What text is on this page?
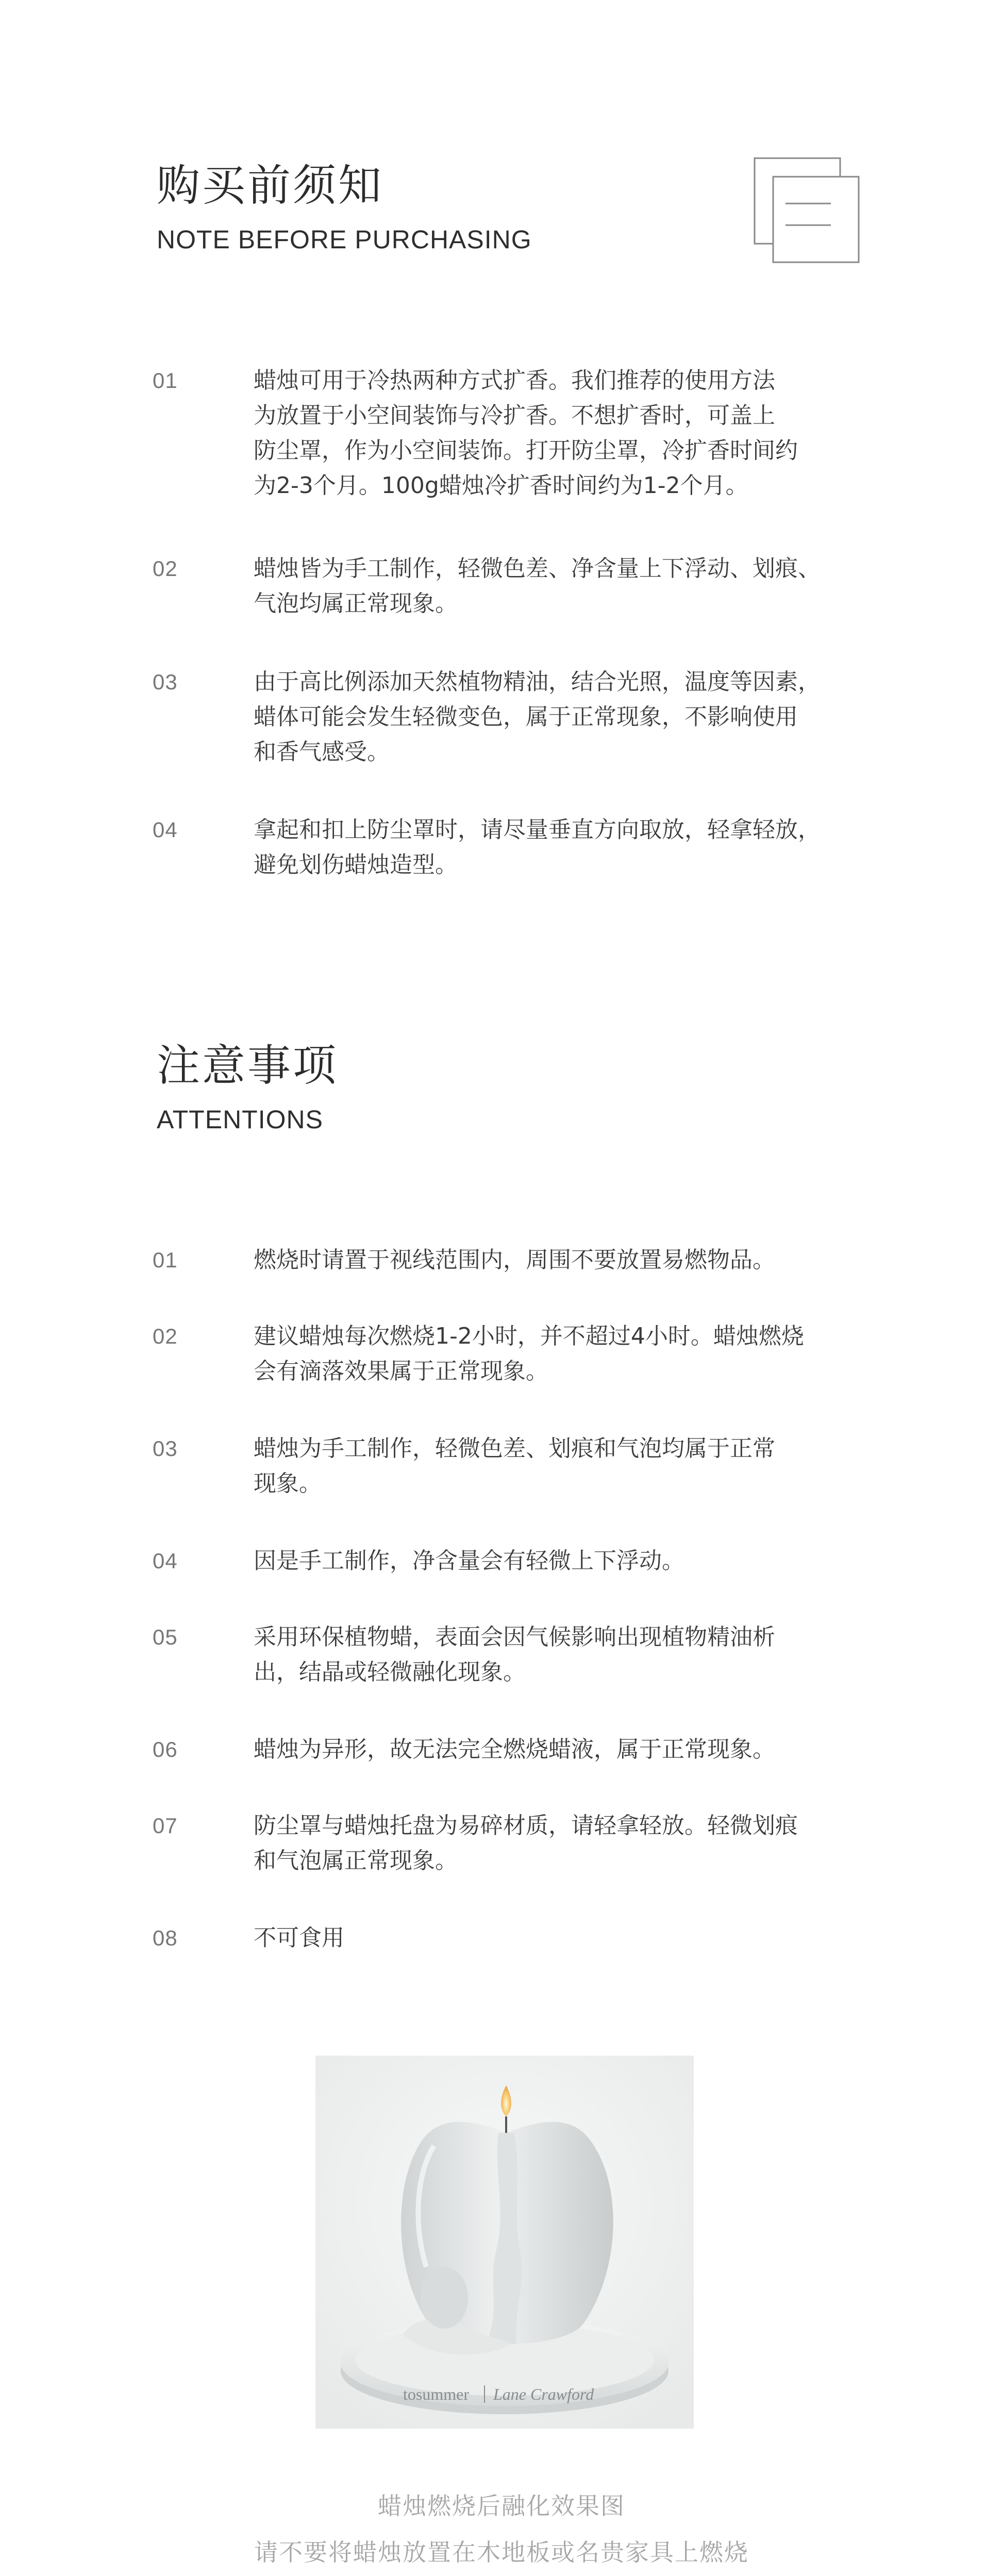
购买前须知
NOTE BEFORE PURCHASING
01	蜡烛可用于冷热两种方式扩香。我们推荐的使用方法
为放置于小空间装饰与冷扩香。不想扩香时，可盖上
防尘罩，作为小空间装饰。打开防尘罩，冷扩香时间约
为2-3个月。100g蜡烛冷扩香时间约为1-2个月。
02	蜡烛皆为手工制作，轻微色差、净含量上下浮动、划痕、
气泡均属正常现象。
03	由于高比例添加天然植物精油，结合光照，温度等因素，
蜡体可能会发生轻微变色，属于正常现象，不影响使用
和香气感受。
04	拿起和扣上防尘罩时，请尽量垂直方向取放，轻拿轻放，
避免划伤蜡烛造型。
注意事项
ATTENTIONS
01	燃烧时请置于视线范围内，周围不要放置易燃物品。
02	建议蜡烛每次燃烧1-2小时，并不超过4小时。蜡烛燃烧
会有滴落效果属于正常现象。
03	蜡烛为手工制作，轻微色差、划痕和气泡均属于正常
现象。
04	因是手工制作，净含量会有轻微上下浮动。
05	采用环保植物蜡，表面会因气候影响出现植物精油析
出，结晶或轻微融化现象。
06	蜡烛为异形，故无法完全燃烧蜡液，属于正常现象。
07	防尘罩与蜡烛托盘为易碎材质，请轻拿轻放。轻微划痕
和气泡属正常现象。
08	不可食用
tosummer Lane Crawford
蜡烛燃烧后融化效果图
请不要将蜡烛放置在木地板或名贵家具上燃烧
